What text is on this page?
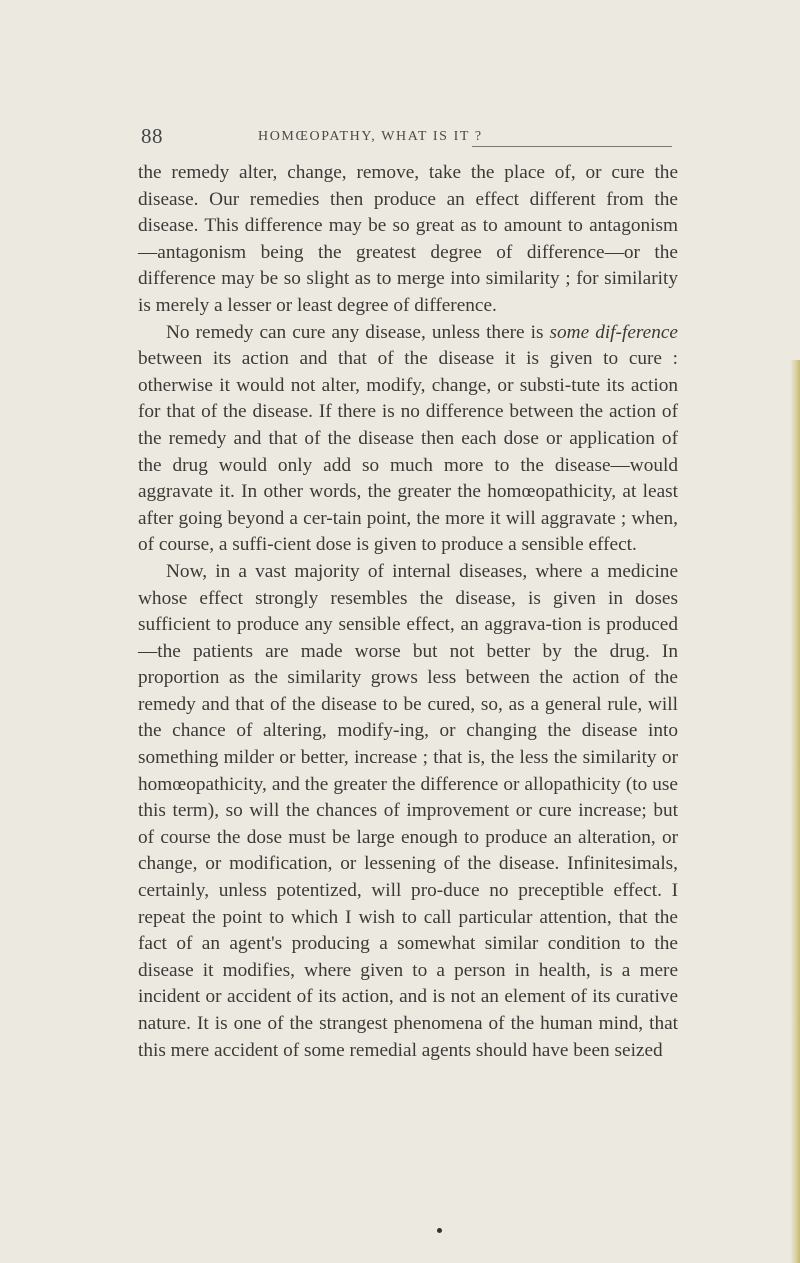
88	HOMŒOPATHY, WHAT IS IT ?

the remedy alter, change, remove, take the place of, or cure the disease. Our remedies then produce an effect different from the disease. This difference may be so great as to amount to antagonism—antagonism being the greatest degree of difference—or the difference may be so slight as to merge into similarity ; for similarity is merely a lesser or least degree of difference.

No remedy can cure any disease, unless there is some dif-ference between its action and that of the disease it is given to cure : otherwise it would not alter, modify, change, or substi-tute its action for that of the disease. If there is no difference between the action of the remedy and that of the disease then each dose or application of the drug would only add so much more to the disease—would aggravate it. In other words, the greater the homœopathicity, at least after going beyond a cer-tain point, the more it will aggravate ; when, of course, a suffi-cient dose is given to produce a sensible effect.

Now, in a vast majority of internal diseases, where a medicine whose effect strongly resembles the disease, is given in doses sufficient to produce any sensible effect, an aggrava-tion is produced—the patients are made worse but not better by the drug. In proportion as the similarity grows less between the action of the remedy and that of the disease to be cured, so, as a general rule, will the chance of altering, modify-ing, or changing the disease into something milder or better, increase ; that is, the less the similarity or homœopathicity, and the greater the difference or allopathicity (to use this term), so will the chances of improvement or cure increase; but of course the dose must be large enough to produce an alteration, or change, or modification, or lessening of the disease. Infinitesimals, certainly, unless potentized, will pro-duce no preceptible effect. I repeat the point to which I wish to call particular attention, that the fact of an agent's producing a somewhat similar condition to the disease it modifies, where given to a person in health, is a mere incident or accident of its action, and is not an element of its curative nature. It is one of the strangest phenomena of the human mind, that this mere accident of some remedial agents should have been seized
